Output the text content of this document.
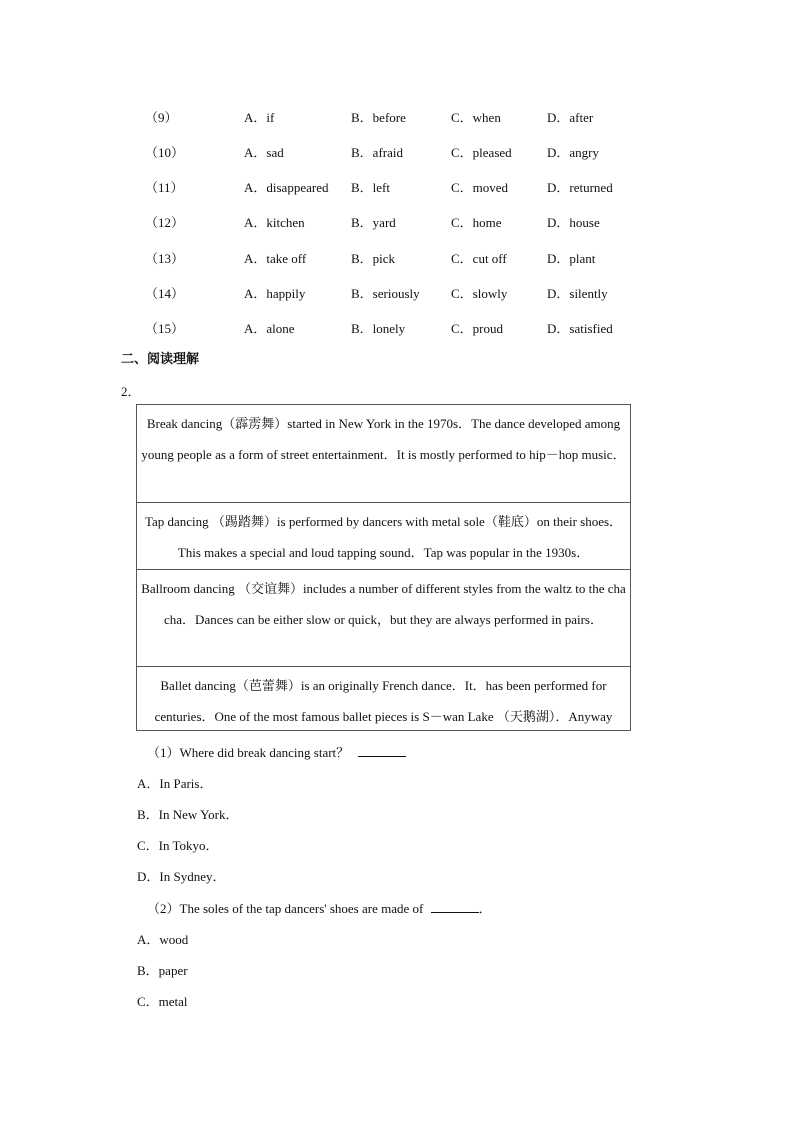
（9）	A．if	B．before	C．when	D．after
（10）	A．sad	B．afraid	C．pleased	D．angry
（11）	A．disappeared B．left	C．moved	D．returned
（12）	A．kitchen	B．yard	C．home	D．house
（13）	A．take off	B．pick	C．cut off	D．plant
（14）	A．happily	B．seriously C．slowly	D．silently
（15）	A．alone	B．lonely	C．proud	D．satisfied
二、阅读理解
2．
Break dancing（霹雳舞）started in New York in the 1970s．The dance developed among young people as a form of street entertainment．It is mostly performed to hip－hop music．
Tap dancing （踢踏舞）is performed by dancers with metal sole（鞋底）on their shoes．This makes a special and loud tapping sound．Tap was popular in the 1930s．
Ballroom dancing （交谊舞）includes a number of different styles from the waltz to the cha cha．Dances can be either slow or quick，but they are always performed in pairs．
Ballet dancing（芭蕾舞）is an originally French dance．It．has been performed for centuries．One of the most famous ballet pieces is S－wan Lake （天鹅湖）．Anyway
（1）Where did break dancing start？
A．In Paris．
B．In New York．
C．In Tokyo．
D．In Sydney．
（2）The soles of the tap dancers' shoes are made of	．
A．wood
B．paper
C．metal
